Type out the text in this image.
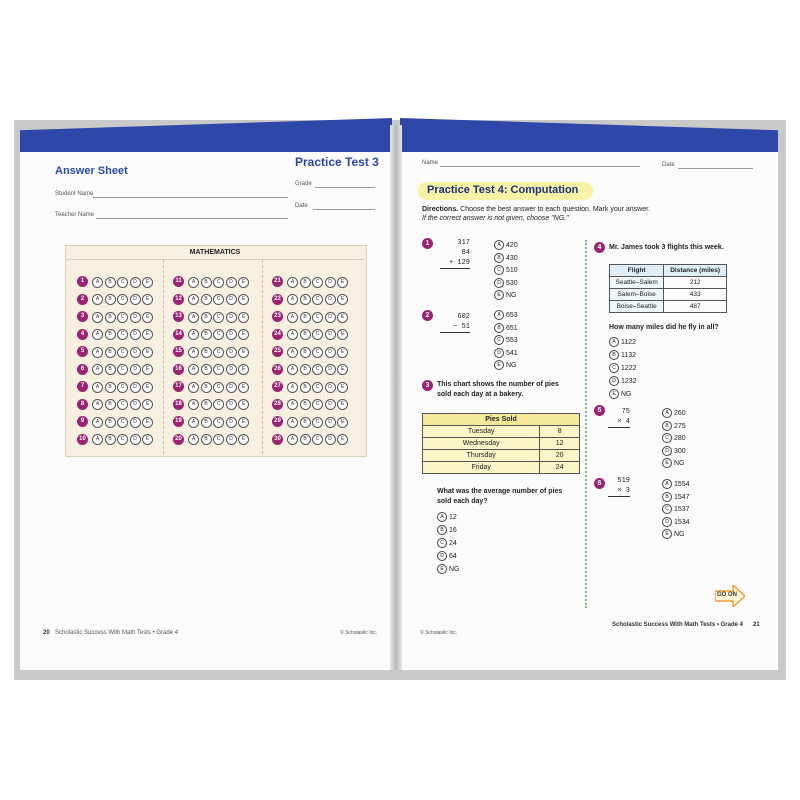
Answer Sheet
Practice Test 3
Student Name
Grade
Teacher Name
Date
MATHEMATICS
1	A	B	C	D	E
2	A	B	C	D	E
3	A	B	C	D	E
4	A	B	C	D	E
5	A	B	C	D	E
6	A	B	C	D	E
7	A	B	C	D	E
8	A	B	C	D	E
9	A	B	C	D	E
10	A	B	C	D	E
11	A	B	C	D	E
12	A	B	C	D	E
13	A	B	C	D	E
14	A	B	C	D	E
15	A	B	C	D	E
16	A	B	C	D	E
17	A	B	C	D	E
18	A	B	C	D	E
19	A	B	C	D	E
20	A	B	C	D	E
21	A	B	C	D	E
22	A	B	C	D	E
23	A	B	C	D	E
24	A	B	C	D	E
25	A	B	C	D	E
26	A	B	C	D	E
27	A	B	C	D	E
28	A	B	C	D	E
29	A	B	C	D	E
30	A	B	C	D	E
20 Scholastic Success With Math Tests • Grade 4	© Scholastic Inc.
Name	Date
Practice Test 4: Computation
Directions. Choose the best answer to each question. Mark your answer.
If the correct answer is not given, choose "NG."
1	317
84
+ 129
A 420
B 430
C 510
D 530
E NG
2	602
− 51
A 653
B 651
C 553
D 541
E NG
3	This chart shows the number of pies
sold each day at a bakery.
Pies Sold	
Tuesday	8
Wednesday	12
Thursday	20
Friday	24
What was the average number of pies
sold each day?
A 12
B 16
C 24
D 64
E NG
4	Mr. James took 3 flights this week.
Flight	Distance (miles)
Seattle–Salem	212
Salem–Boise	433
Boise–Seattle	487
How many miles did he fly in all?
A 1122
B 1132
C 1222
D 1232
E NG
5	75
× 4
A 260
B 275
C 280
D 300
E NG
6	519
× 3
A 1554
B 1547
C 1537
D 1534
E NG
GO ON
© Scholastic Inc.
Scholastic Success With Math Tests • Grade 4 21
